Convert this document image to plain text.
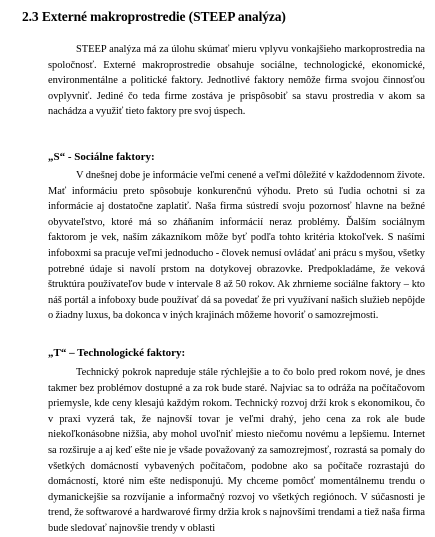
2.3 Externé makroprostredie (STEEP analýza)

STEEP analýza má za úlohu skúmať mieru vplyvu vonkajšieho markoprostredia na spoločnosť. Externé makroprostredie obsahuje sociálne, technologické, ekonomické, environmentálne a politické faktory. Jednotlivé faktory nemôže firma svojou činnosťou ovplyvniť. Jediné čo teda firme zostáva je prispôsobiť sa stavu prostredia v akom sa nachádza a využiť tieto faktory pre svoj úspech.

„S“ - Sociálne faktory:

V dnešnej dobe je informácie veľmi cenené a veľmi dôležité v každodennom živote. Mať informáciu preto spôsobuje konkurenčnú výhodu. Preto sú ľudia ochotni si za informácie aj dostatočne zaplatiť. Naša firma sústredí svoju pozornosť hlavne na bežné obyvateľstvo, ktoré má so zháňaním informácií neraz problémy. Ďalším sociálnym faktorom je vek, naším zákazníkom môže byť podľa tohto kritéria ktokoľvek. S naśími infoboxmi sa pracuje veľmi jednoducho - človek nemusí ovládať ani prácu s myšou, všetky potrebné údaje si navolí prstom na dotykovej obrazovke. Predpokladáme, že veková štruktúra používateľov bude v intervale 8 až 50 rokov. Ak zhrnieme sociálne faktory – kto náš portál a infoboxy bude používať dá sa povedať že pri využívaní našich služieb nepôjde o žiadny luxus, ba dokonca v iných krajinách môžeme hovoriť o samozrejmosti.

„T“ – Technologické faktory:

Technický pokrok napreduje stále rýchlejšie a to čo bolo pred rokom nové, je dnes takmer bez problémov dostupné a za rok bude staré. Najviac sa to odráža na počítačovom priemysle, kde ceny klesajú každým rokom. Technický rozvoj drží krok s ekonomikou, čo v praxi vyzerá tak, že najnovší tovar je veľmi drahý, jeho cena za rok ale bude niekoľkonásobne nižšia, aby mohol uvoľniť miesto niečomu novému a lepšiemu. Internet sa rozširuje a aj keď ešte nie je všade považovaný za samozrejmosť, rozrastá sa pomaly do všetkých domácností vybavených počítačom, podobne ako sa počítače rozrastajú do domácností, ktoré nim ešte nedisponujú. My chceme pomôcť momentálnemu trendu o dymanickejšie sa rozvíjanie a informačný rozvoj vo všetkých regiónoch. V súčasnosti je trend, že softwarové a hardwarové firmy držia krok s najnovšími trendami a tiež naša firma bude sledovať najnovšie trendy v oblasti
